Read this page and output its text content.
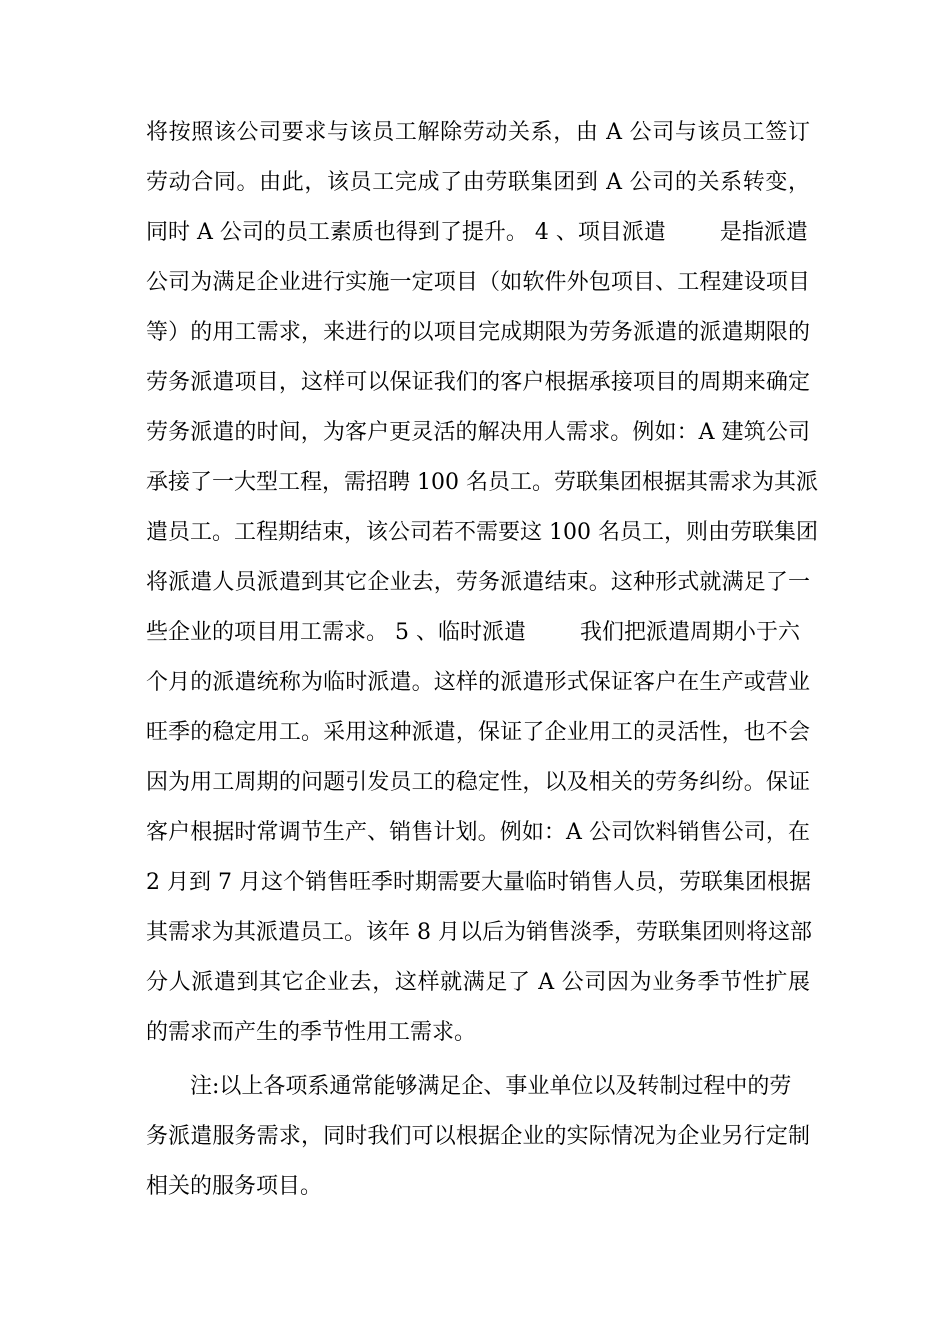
将按照该公司要求与该员工解除劳动关系，由 A 公司与该员工签订
劳动合同。由此，该员工完成了由劳联集团到 A 公司的关系转变，
同时 A 公司的员工素质也得到了提升。 4 、项目派遣 是指派遣
公司为满足企业进行实施一定项目（如软件外包项目、工程建设项目
等）的用工需求，来进行的以项目完成期限为劳务派遣的派遣期限的
劳务派遣项目，这样可以保证我们的客户根据承接项目的周期来确定
劳务派遣的时间，为客户更灵活的解决用人需求。例如：A 建筑公司
承接了一大型工程，需招聘 100 名员工。劳联集团根据其需求为其派
遣员工。工程期结束，该公司若不需要这 100 名员工，则由劳联集团
将派遣人员派遣到其它企业去，劳务派遣结束。这种形式就满足了一
些企业的项目用工需求。 5 、临时派遣 我们把派遣周期小于六
个月的派遣统称为临时派遣。这样的派遣形式保证客户在生产或营业
旺季的稳定用工。采用这种派遣，保证了企业用工的灵活性，也不会
因为用工周期的问题引发员工的稳定性，以及相关的劳务纠纷。保证
客户根据时常调节生产、销售计划。例如：A 公司饮料销售公司，在
2 月到 7 月这个销售旺季时期需要大量临时销售人员，劳联集团根据
其需求为其派遣员工。该年 8 月以后为销售淡季，劳联集团则将这部
分人派遣到其它企业去，这样就满足了 A 公司因为业务季节性扩展
的需求而产生的季节性用工需求。
注:以上各项系通常能够满足企、事业单位以及转制过程中的劳
务派遣服务需求，同时我们可以根据企业的实际情况为企业另行定制
相关的服务项目。
